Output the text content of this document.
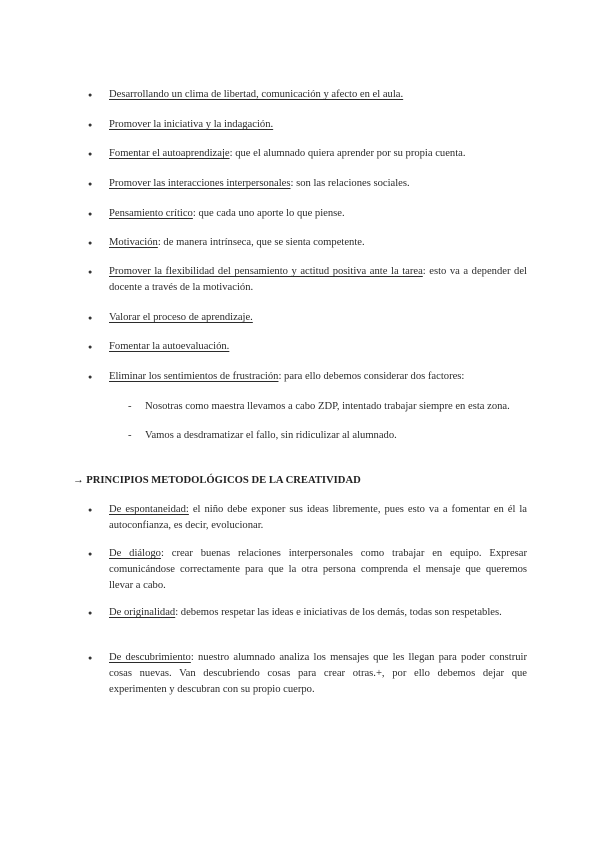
● Desarrollando un clima de libertad, comunicación y afecto en el aula.
● Promover la iniciativa y la indagación.
● Fomentar el autoaprendizaje: que el alumnado quiera aprender por su propia cuenta.
● Promover las interacciones interpersonales: son las relaciones sociales.
● Pensamiento crítico: que cada uno aporte lo que piense.
● Motivación: de manera intrínseca, que se sienta competente.
● Promover la flexibilidad del pensamiento y actitud positiva ante la tarea: esto va a depender del docente a través de la motivación.
● Valorar el proceso de aprendizaje.
● Fomentar la autoevaluación.
● Eliminar los sentimientos de frustración: para ello debemos considerar dos factores:
- Nosotras como maestra llevamos a cabo ZDP, intentado trabajar siempre en esta zona.
- Vamos a desdramatizar el fallo, sin ridiculizar al alumnado.
→ PRINCIPIOS METODOLÓGICOS DE LA CREATIVIDAD
● De espontaneidad: el niño debe exponer sus ideas libremente, pues esto va a fomentar en él la autoconfianza, es decir, evolucionar.
● De diálogo: crear buenas relaciones interpersonales como trabajar en equipo. Expresar comunicándose correctamente para que la otra persona comprenda el mensaje que queremos llevar a cabo.
● De originalidad: debemos respetar las ideas e iniciativas de los demás, todas son respetables.
● De descubrimiento: nuestro alumnado analiza los mensajes que les llegan para poder construir cosas nuevas. Van descubriendo cosas para crear otras.+, por ello debemos dejar que experimenten y descubran con su propio cuerpo.
